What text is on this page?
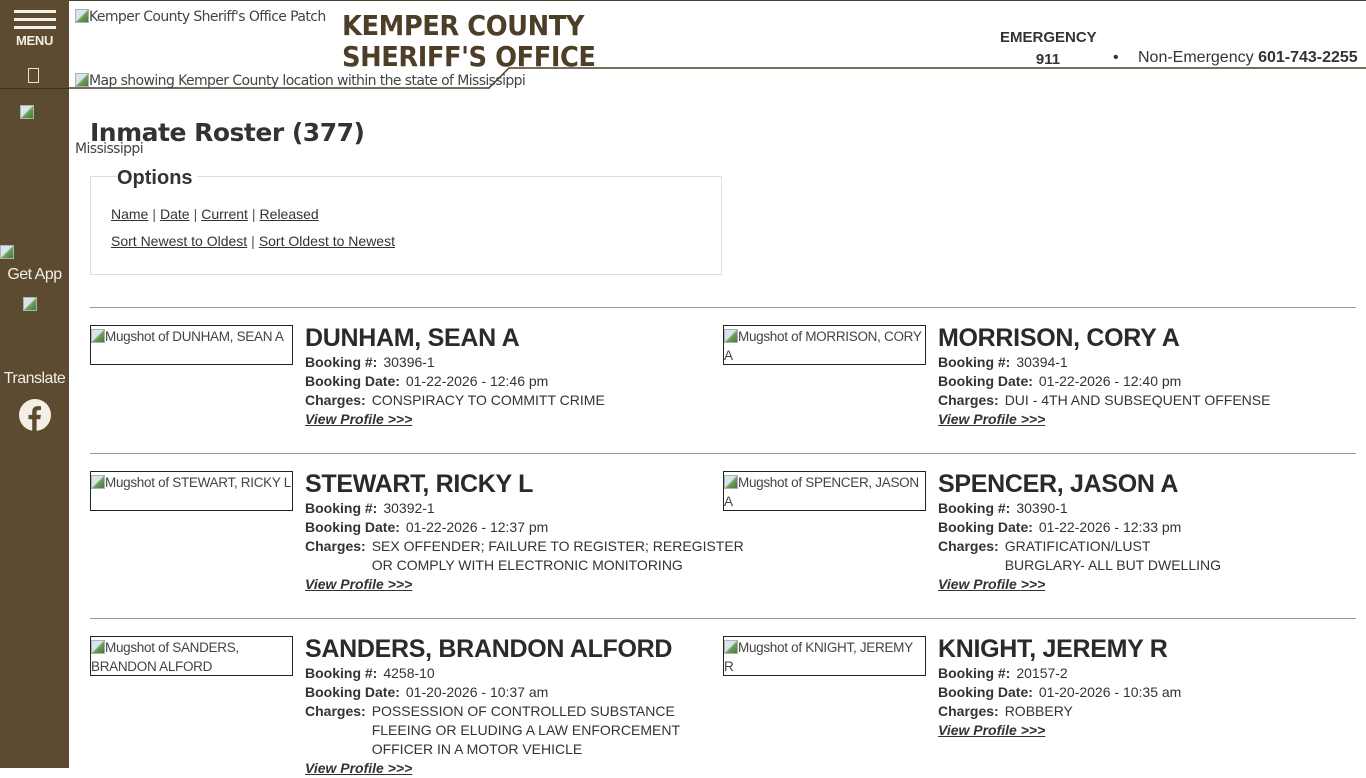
MENU
Get App
Translate
Kemper County Sheriff's Office Patch KEMPER COUNTY
SHERIFF'S OFFICE
Map showing Kemper County location within the state of Mississippi
Mississippi
EMERGENCY
911	• Non-Emergency 601-743-2255
Inmate Roster (377)
Options
Name | Date | Current | Released
Sort Newest to Oldest | Sort Oldest to Newest
Mugshot of DUNHAM, SEAN A DUNHAM, SEAN A
Booking #: 30396-1
Booking Date: 01-22-2026 - 12:46 pm
Charges: CONSPIRACY TO COMMITT CRIME
View Profile >>>
Mugshot of MORRISON, CORY A
MORRISON, CORY A
Booking #: 30394-1
Booking Date: 01-22-2026 - 12:40 pm
Charges: DUI - 4TH AND SUBSEQUENT OFFENSE
View Profile >>>
Mugshot of STEWART, RICKY L STEWART, RICKY L
Booking #: 30392-1
Booking Date: 01-22-2026 - 12:37 pm
Charges: SEX OFFENDER; FAILURE TO REGISTER; REREGISTER
OR COMPLY WITH ELECTRONIC MONITORING
View Profile >>>
Mugshot of SPENCER, JASON A
SPENCER, JASON A
Booking #: 30390-1
Booking Date: 01-22-2026 - 12:33 pm
Charges: GRATIFICATION/LUST
BURGLARY- ALL BUT DWELLING
View Profile >>>
Mugshot of SANDERS, BRANDON ALFORD
SANDERS, BRANDON ALFORD
Booking #: 4258-10
Booking Date: 01-20-2026 - 10:37 am
Charges: POSSESSION OF CONTROLLED SUBSTANCE
FLEEING OR ELUDING A LAW ENFORCEMENT
OFFICER IN A MOTOR VEHICLE
View Profile >>>
Mugshot of KNIGHT, JEREMY R
KNIGHT, JEREMY R
Booking #: 20157-2
Booking Date: 01-20-2026 - 10:35 am
Charges: ROBBERY
View Profile >>>
